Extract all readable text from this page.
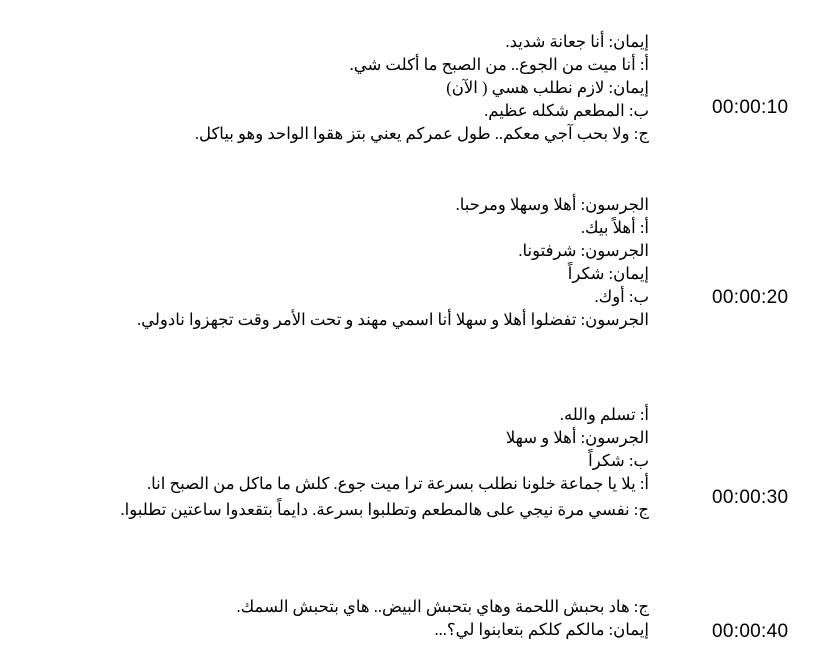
إيمان: أنا جعانة شديد.
أ: أنا ميت من الجوع.. من الصبح ما أكلت شي.
إيمان: لازم نطلب هسي ( الآن)
ب: المطعم شكله عظيم.
ج: ولا بحب آجي معكم.. طول عمركم يعني بتز هقوا الواحد وهو بياكل.
00:00:10
الجرسون: أهلا وسهلا ومرحبا.
أ: أهلاً بيك.
الجرسون: شرفتونا.
إيمان: شكراً
ب: أوك.
الجرسون: تفضلوا أهلا و سهلا أنا اسمي مهند و تحت الأمر وقت تجهزوا نادولي.
00:00:20
أ: تسلم والله.
الجرسون: أهلا و سهلا
ب: شكراً
أ: يلا يا جماعة خلونا نطلب بسرعة ترا ميت جوع. كلش ما ماكل من الصبح انا.
ج: نفسي مرة نيجي على هالمطعم وتطلبوا بسرعة. دايماً بتقعدوا ساعتين تطلبوا.
00:00:30
ج: هاد بحبش اللحمة وهاي بتحبش البيض.. هاي بتحبش السمك.
إيمان: مالكم كلكم بتعابنوا لي؟...	00:00:40
